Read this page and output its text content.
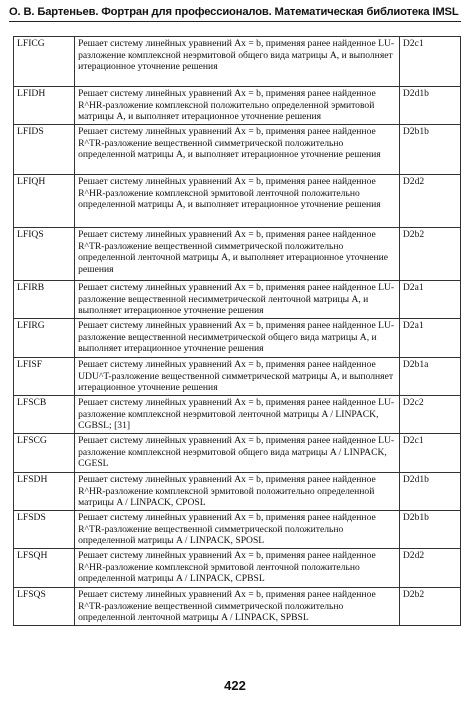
О. В. Бартеньев. Фортран для профессионалов. Математическая библиотека IMSL
LFICG	Решает систему линейных уравнений Ax = b, применяя ранее найденное LU-разложение комплексной неэрмитовой общего вида матрицы A, и выполняет итерационное уточнение решения	D2c1
LFIDH	Решает систему линейных уравнений Ax = b, применяя ранее найденное R^HR-разложение комплексной положительно определенной эрмитовой матрицы A, и выполняет итерационное уточнение решения	D2d1b
LFIDS	Решает систему линейных уравнений Ax = b, применяя ранее найденное R^TR-разложение вещественной симметрической положительно определенной матрицы A, и выполняет итерационное уточнение решения	D2b1b
LFIQH	Решает систему линейных уравнений Ax = b, применяя ранее найденное R^HR-разложение комплексной эрмитовой ленточной положительно определенной матрицы A, и выполняет итерационное уточнение решения	D2d2
LFIQS	Решает систему линейных уравнений Ax = b, применяя ранее найденное R^TR-разложение вещественной симметрической положительно определенной ленточной матрицы A, и выполняет итерационное уточнение решения	D2b2
LFIRB	Решает систему линейных уравнений Ax = b, применяя ранее найденное LU-разложение вещественной несимметрической ленточной матрицы A, и выполняет итерационное уточнение решения	D2a1
LFIRG	Решает систему линейных уравнений Ax = b, применяя ранее найденное LU-разложение вещественной несимметрической общего вида матрицы A, и выполняет итерационное уточнение решения	D2a1
LFISF	Решает систему линейных уравнений Ax = b, применяя ранее найденное UDU^T-разложение вещественной симметрической матрицы A, и выполняет итерационное уточнение решения	D2b1a
LFSCB	Решает систему линейных уравнений Ax = b, применяя ранее найденное LU-разложение комплексной неэрмитовой ленточной матрицы A / LINPACK, CGBSL; [31]	D2c2
LFSCG	Решает систему линейных уравнений Ax = b, применяя ранее найденное LU-разложение комплексной неэрмитовой общего вида матрицы A / LINPACK, CGESL	D2c1
LFSDH	Решает систему линейных уравнений Ax = b, применяя ранее найденное R^HR-разложение комплексной эрмитовой положительно определенной матрицы A / LINPACK, CPOSL	D2d1b
LFSDS	Решает систему линейных уравнений Ax = b, применяя ранее найденное R^TR-разложение вещественной симметрической положительно определенной матрицы A / LINPACK, SPOSL	D2b1b
LFSQH	Решает систему линейных уравнений Ax = b, применяя ранее найденное R^HR-разложение комплексной эрмитовой ленточной положительно определенной матрицы A / LINPACK, CPBSL	D2d2
LFSQS	Решает систему линейных уравнений Ax = b, применяя ранее найденное R^TR-разложение вещественной симметрической положительно определенной ленточной матрицы A / LINPACK, SPBSL	D2b2
422
